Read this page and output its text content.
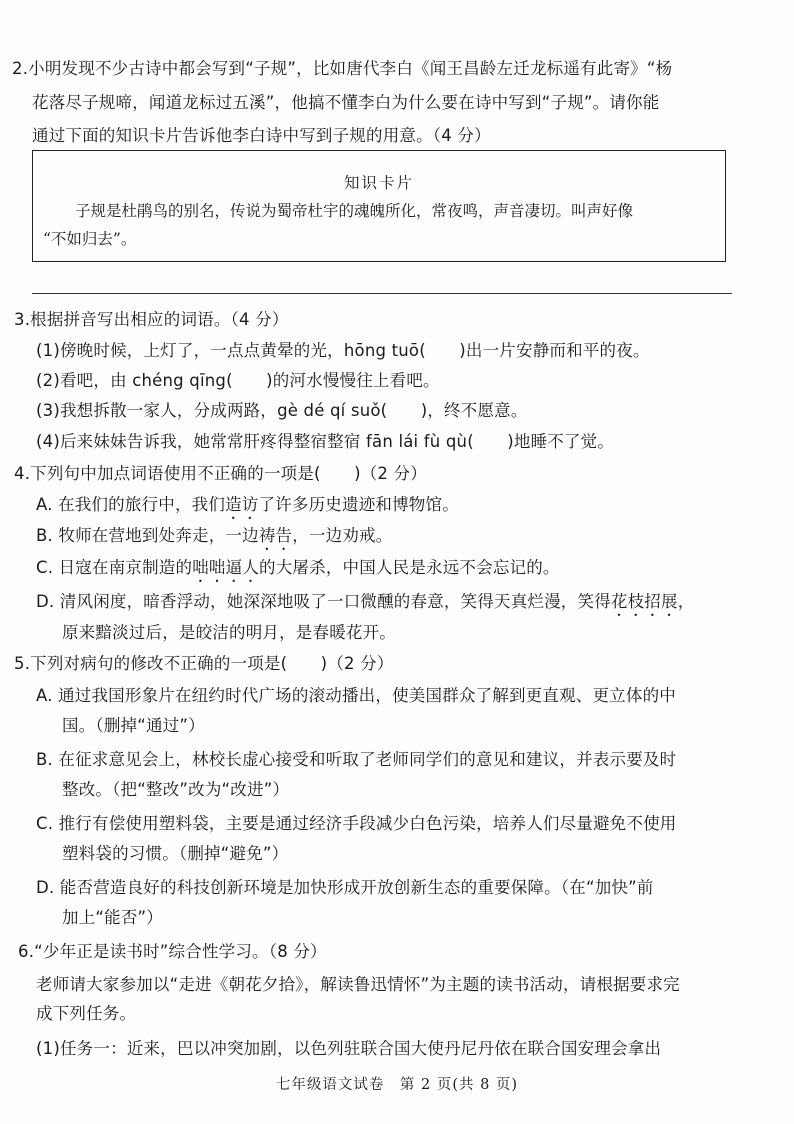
2.小明发现不少古诗中都会写到“子规”，比如唐代李白《闻王昌龄左迁龙标遥有此寄》“杨
花落尽子规啼，闻道龙标过五溪”，他搞不懂李白为什么要在诗中写到“子规”。请你能
通过下面的知识卡片告诉他李白诗中写到子规的用意。（4 分）
知识卡片
子规是杜鹃鸟的别名，传说为蜀帝杜宇的魂魄所化，常夜鸣，声音凄切。叫声好像
“不如归去”。
3.根据拼音写出相应的词语。（4 分）
(1)傍晚时候，上灯了，一点点黄晕的光，hōng tuō(　　)出一片安静而和平的夜。
(2)看吧，由 chéng qīng(　　)的河水慢慢往上看吧。
(3)我想拆散一家人，分成两路，gè dé qí suǒ(　　)，终不愿意。
(4)后来妹妹告诉我，她常常肝疼得整宿整宿 fān lái fù qù(　　)地睡不了觉。
4.下列句中加点词语使用不正确的一项是(　　)（2 分）
A. 在我们的旅行中，我们造访了许多历史遗迹和博物馆。
B. 牧师在营地到处奔走，一边祷告，一边劝戒。
C. 日寇在南京制造的咄咄逼人的大屠杀，中国人民是永远不会忘记的。
D. 清风闲度，暗香浮动，她深深地吸了一口微醺的春意，笑得天真烂漫，笑得花枝招展，
原来黯淡过后，是皎洁的明月，是春暖花开。
5.下列对病句的修改不正确的一项是(　　)（2 分）
A. 通过我国形象片在纽约时代广场的滚动播出，使美国群众了解到更直观、更立体的中
国。（删掉“通过”）
B. 在征求意见会上，林校长虚心接受和听取了老师同学们的意见和建议，并表示要及时
整改。（把“整改”改为“改进”）
C. 推行有偿使用塑料袋，主要是通过经济手段减少白色污染，培养人们尽量避免不使用
塑料袋的习惯。（删掉“避免”）
D. 能否营造良好的科技创新环境是加快形成开放创新生态的重要保障。（在“加快”前
加上“能否”）
6.“少年正是读书时”综合性学习。（8 分）
老师请大家参加以“走进《朝花夕拾》，解读鲁迅情怀”为主题的读书活动，请根据要求完
成下列任务。
(1)任务一：近来，巴以冲突加剧，以色列驻联合国大使丹尼丹依在联合国安理会拿出
七年级语文试卷　第 2 页(共 8 页)
